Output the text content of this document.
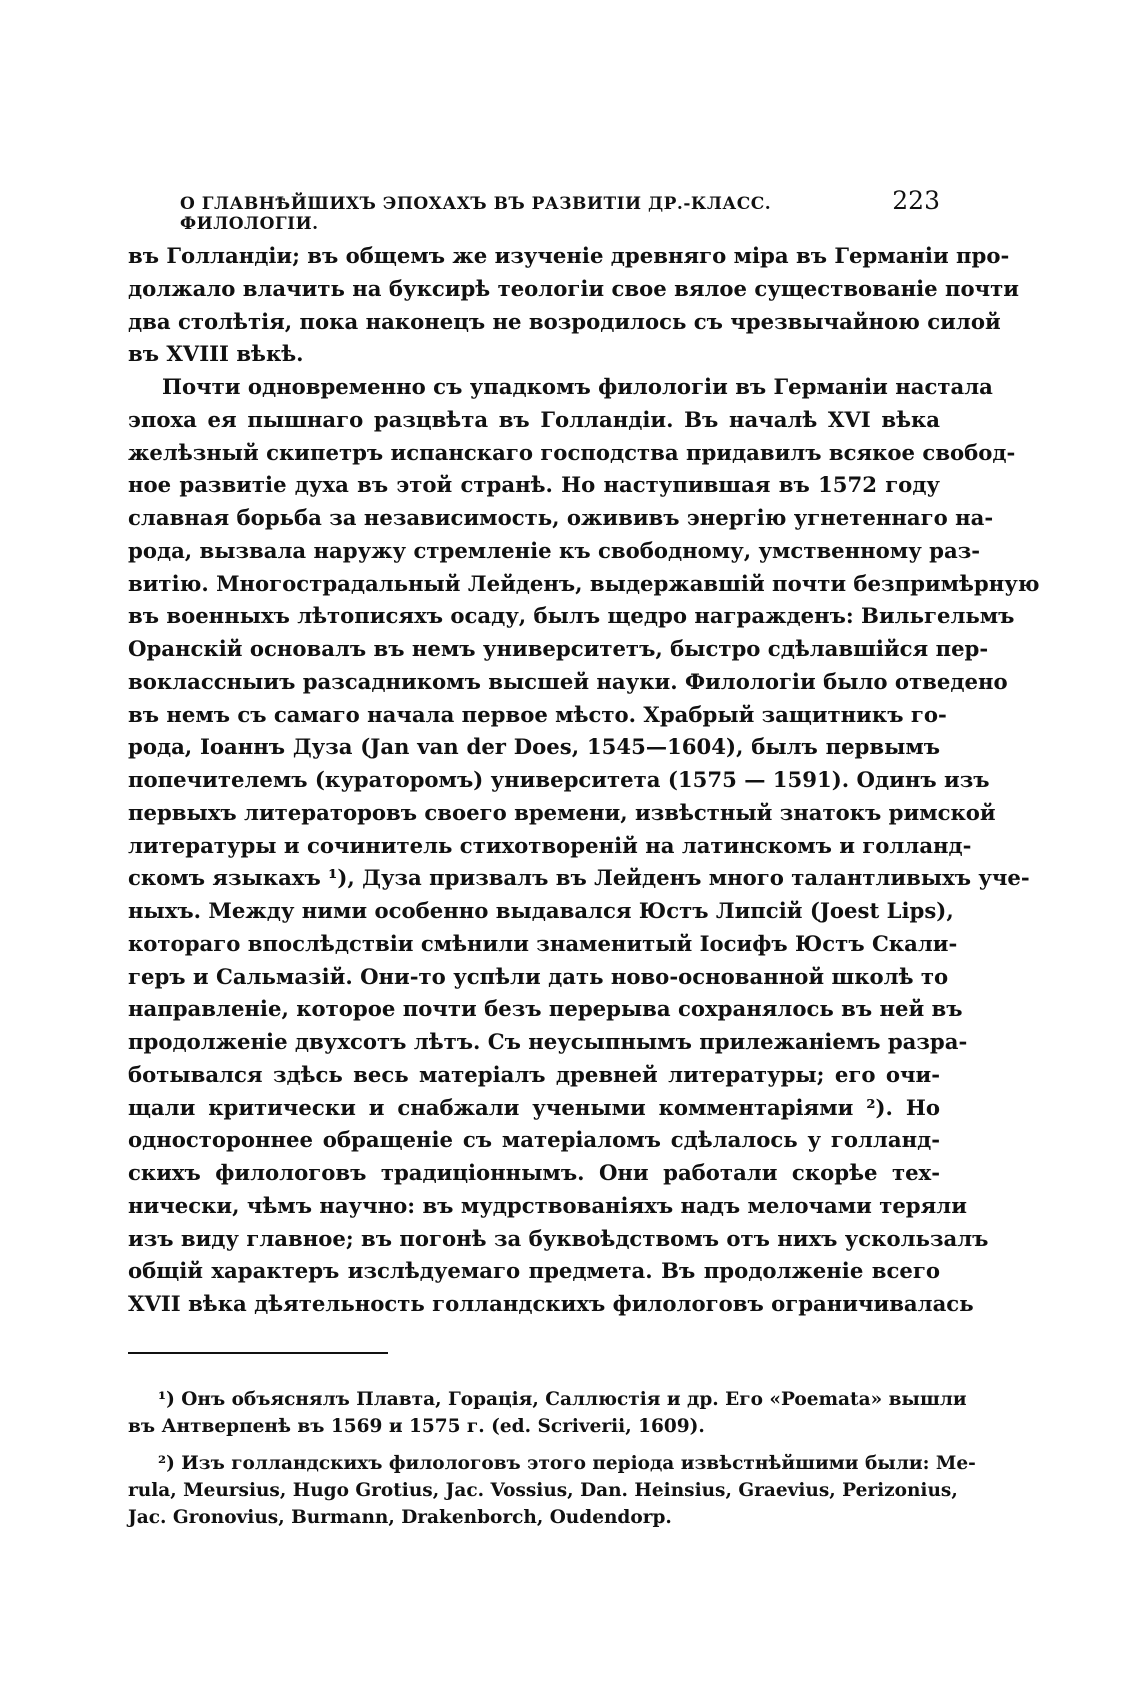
О ГЛАВНѢЙШИХЪ ЭПОХАХЪ ВЪ РАЗВИТІИ ДР.-КЛАСС. ФИЛОЛОГІИ.
223
въ Голландіи; въ общемъ же изученіе древняго міра въ Германіи про-
должало влачить на буксирѣ теологіи свое вялое существованіе почти
два столѣтія, пока наконецъ не возродилось съ чрезвычайною силой
въ XVIII вѣкѣ.
Почти одновременно съ упадкомъ филологіи въ Германіи настала
эпоха ея пышнаго разцвѣта въ Голландіи. Въ началѣ XVI вѣка
желѣзный скипетръ испанскаго господства придавилъ всякое свобод-
ное развитіе духа въ этой странѣ. Но наступившая въ 1572 году
славная борьба за независимость, ожививъ энергію угнетеннаго на-
рода, вызвала наружу стремленіе къ свободному, умственному раз-
витію. Многострадальный Лейденъ, выдержавшій почти безпримѣрную
въ военныхъ лѣтописяхъ осаду, былъ щедро награжденъ: Вильгельмъ
Оранскій основалъ въ немъ университетъ, быстро сдѣлавшійся пер-
воклассныиъ разсадникомъ высшей науки. Филологіи было отведено
въ немъ съ самаго начала первое мѣсто. Храбрый защитникъ го-
рода, Іоаннъ Дуза (Jan van der Does, 1545—1604), былъ первымъ
попечителемъ (кураторомъ) университета (1575 — 1591). Одинъ изъ
первыхъ литераторовъ своего времени, извѣстный знатокъ римской
литературы и сочинитель стихотвореній на латинскомъ и голланд-
скомъ языкахъ ¹), Дуза призвалъ въ Лейденъ много талантливыхъ уче-
ныхъ. Между ними особенно выдавался Юстъ Липсій (Joest Lips),
котораго впослѣдствіи смѣнили знаменитый Іосифъ Юстъ Скали-
геръ и Сальмазій. Они-то успѣли дать ново-основанной школѣ то
направленіе, которое почти безъ перерыва сохранялось въ ней въ
продолженіе двухсотъ лѣтъ. Съ неусыпнымъ прилежаніемъ разра-
ботывался здѣсь весь матеріалъ древней литературы; его очи-
щали критически и снабжали учеными комментаріями ²). Но
одностороннее обращеніе съ матеріаломъ сдѣлалось у голланд-
скихъ филологовъ традиціоннымъ. Они работали скорѣе тех-
нически, чѣмъ научно: въ мудрствованіяхъ надъ мелочами теряли
изъ виду главное; въ погонѣ за буквоѣдствомъ отъ нихъ ускользалъ
общій характеръ изслѣдуемаго предмета. Въ продолженіе всего
XVII вѣка дѣятельность голландскихъ филологовъ ограничивалась
¹) Онъ объяснялъ Плавта, Горація, Саллюстія и др. Его «Poemata» вышли
въ Антверпенѣ въ 1569 и 1575 г. (ed. Scriverii, 1609).
²) Изъ голландскихъ филологовъ этого періода извѣстнѣйшими были: Me-
rula, Meursius, Hugo Grotius, Jac. Vossius, Dan. Heinsius, Graevius, Perizonius,
Jac. Gronovius, Burmann, Drakenborch, Oudendorp.
